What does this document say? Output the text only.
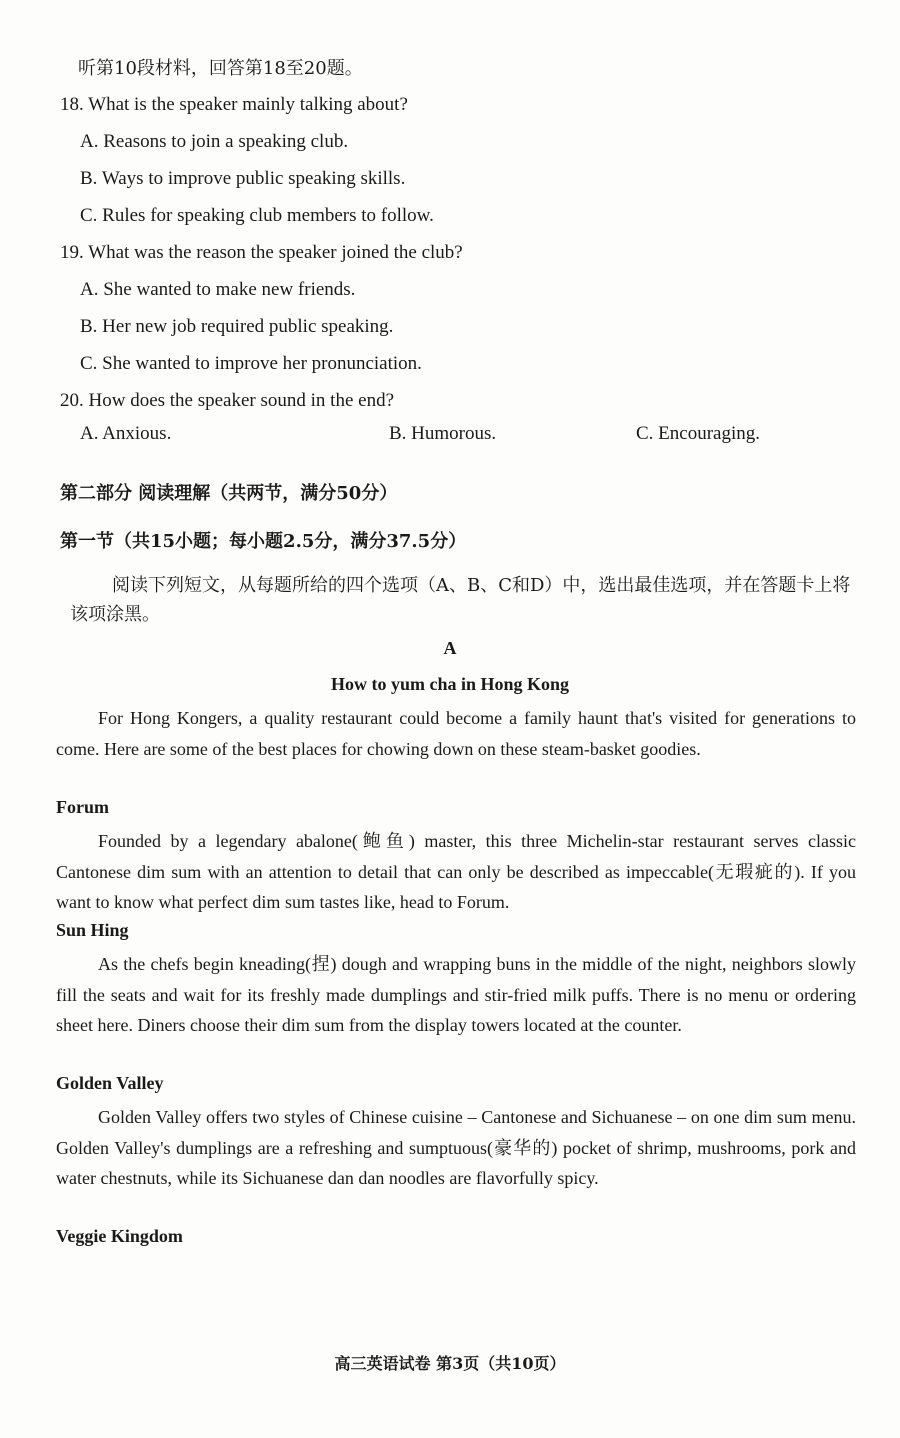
听第10段材料，回答第18至20题。
18. What is the speaker mainly talking about?
A. Reasons to join a speaking club.
B. Ways to improve public speaking skills.
C. Rules for speaking club members to follow.
19. What was the reason the speaker joined the club?
A. She wanted to make new friends.
B. Her new job required public speaking.
C. She wanted to improve her pronunciation.
20. How does the speaker sound in the end?
A. Anxious.	B. Humorous.	C. Encouraging.
第二部分 阅读理解（共两节，满分50分）
第一节（共15小题；每小题2.5分，满分37.5分）
阅读下列短文，从每题所给的四个选项（A、B、C和D）中，选出最佳选项，并在答题卡上将该项涂黑。
A
How to yum cha in Hong Kong
For Hong Kongers, a quality restaurant could become a family haunt that's visited for generations to come. Here are some of the best places for chowing down on these steam-basket goodies.
Forum
Founded by a legendary abalone(鲍鱼) master, this three Michelin-star restaurant serves classic Cantonese dim sum with an attention to detail that can only be described as impeccable(无瑕疵的). If you want to know what perfect dim sum tastes like, head to Forum.
Sun Hing
As the chefs begin kneading(捏) dough and wrapping buns in the middle of the night, neighbors slowly fill the seats and wait for its freshly made dumplings and stir-fried milk puffs. There is no menu or ordering sheet here. Diners choose their dim sum from the display towers located at the counter.
Golden Valley
Golden Valley offers two styles of Chinese cuisine – Cantonese and Sichuanese – on one dim sum menu. Golden Valley's dumplings are a refreshing and sumptuous(豪华的) pocket of shrimp, mushrooms, pork and water chestnuts, while its Sichuanese dan dan noodles are flavorfully spicy.
Veggie Kingdom
高三英语试卷 第3页（共10页）
